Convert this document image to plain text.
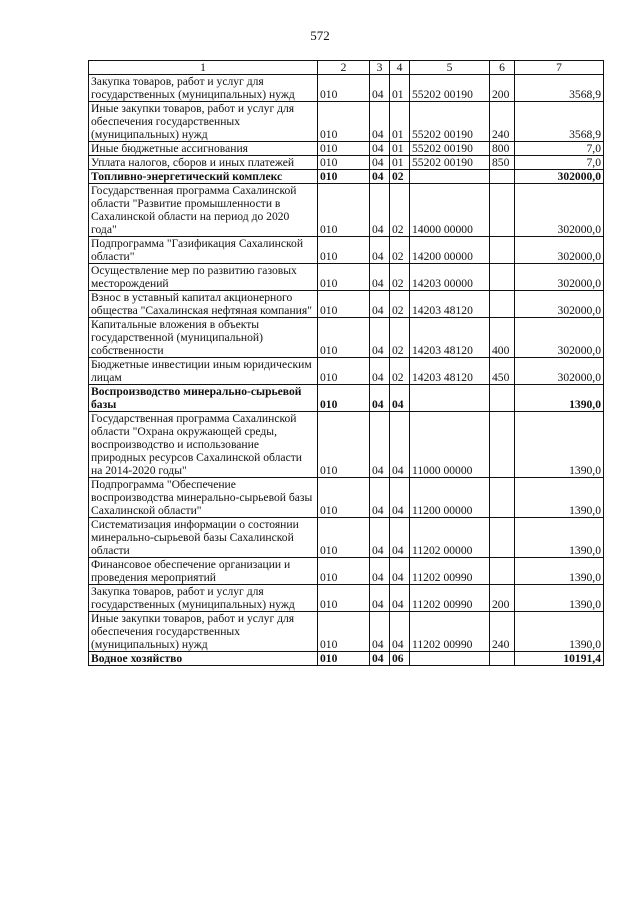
572
1	2	3	4	5	6	7
Закупка товаров, работ и услуг для государственных (муниципальных) нужд	010	04	01	55202 00190	200	3568,9
Иные закупки товаров, работ и услуг для обеспечения государственных (муниципальных) нужд	010	04	01	55202 00190	240	3568,9
Иные бюджетные ассигнования	010	04	01	55202 00190	800	7,0
Уплата налогов, сборов и иных платежей	010	04	01	55202 00190	850	7,0
Топливно-энергетический комплекс	010	04	02			302000,0
Государственная программа Сахалинской области "Развитие промышленности в Сахалинской области на период до 2020 года"	010	04	02	14000 00000		302000,0
Подпрограмма "Газификация Сахалинской области"	010	04	02	14200 00000		302000,0
Осуществление мер по развитию газовых месторождений	010	04	02	14203 00000		302000,0
Взнос в уставный капитал акционерного общества "Сахалинская нефтяная компания"	010	04	02	14203 48120		302000,0
Капитальные вложения в объекты государственной (муниципальной) собственности	010	04	02	14203 48120	400	302000,0
Бюджетные инвестиции иным юридическим лицам	010	04	02	14203 48120	450	302000,0
Воспроизводство минерально-сырьевой базы	010	04	04			1390,0
Государственная программа Сахалинской области "Охрана окружающей среды, воспроизводство и использование природных ресурсов Сахалинской области на 2014-2020 годы"	010	04	04	11000 00000		1390,0
Подпрограмма "Обеспечение воспроизводства минерально-сырьевой базы Сахалинской области"	010	04	04	11200 00000		1390,0
Систематизация информации о состоянии минерально-сырьевой базы Сахалинской области	010	04	04	11202 00000		1390,0
Финансовое обеспечение организации и проведения мероприятий	010	04	04	11202 00990		1390,0
Закупка товаров, работ и услуг для государственных (муниципальных) нужд	010	04	04	11202 00990	200	1390,0
Иные закупки товаров, работ и услуг для обеспечения государственных (муниципальных) нужд	010	04	04	11202 00990	240	1390,0
Водное хозяйство	010	04	06			10191,4
